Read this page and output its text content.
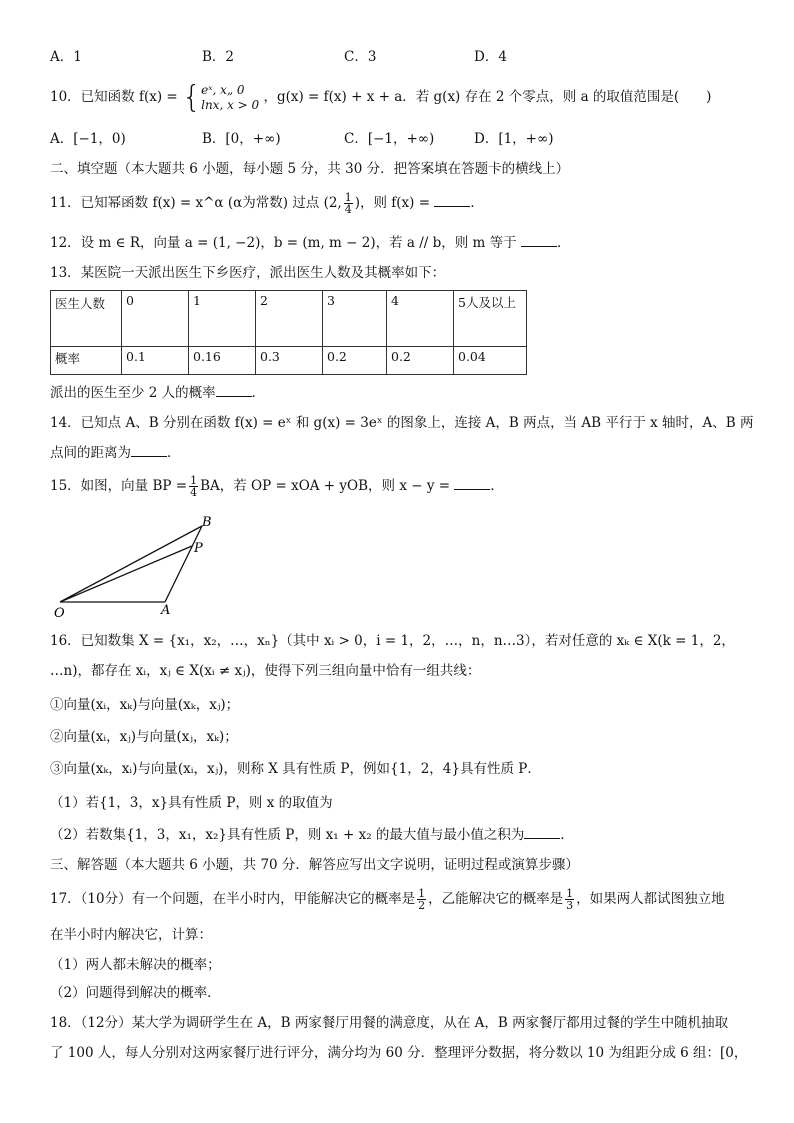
A．1	B．2	C．3	D．4
10．已知函数 f(x) = { eˣ, x„ 0
lnx, x > 0 ，g(x) = f(x) + x + a．若 g(x) 存在 2 个零点，则 a 的取值范围是(　　)
A．[−1，0)	B．[0，+∞)	C．[−1，+∞)	D．[1，+∞)
二、填空题（本大题共 6 小题，每小题 5 分，共 30 分．把答案填在答题卡的横线上）
11．已知幂函数 f(x) = x^α (α为常数) 过点 (2, $\frac{1}{4}$ )，则 f(x) =	．
12．设 m ∈ R，向量 a = (1, −2)，b = (m, m − 2)，若 a // b，则 m 等于	．
13．某医院一天派出医生下乡医疗，派出医生人数及其概率如下：
医生人数	0	1	2	3	4	5人及以上
概率	0.1	0.16	0.3	0.2	0.2	0.04
派出的医生至少 2 人的概率	．
14．已知点 A、B 分别在函数 f(x) = eˣ 和 g(x) = 3eˣ 的图象上，连接 A，B 两点，当 AB 平行于 x 轴时，A、B 两
点间的距离为	．
15．如图，向量 BP = $\frac{1}{4}$ BA，若 OP = xOA + yOB，则 x − y =	．
O	A
B
P
16．已知数集 X = {x₁，x₂，…，xₙ}（其中 xᵢ > 0，i = 1，2，…，n，n…3），若对任意的 xₖ ∈ X(k = 1，2，
…n)，都存在 xᵢ，xⱼ ∈ X(xᵢ ≠ xⱼ)，使得下列三组向量中恰有一组共线：
①向量(xᵢ，xₖ)与向量(xₖ，xⱼ)；
②向量(xᵢ，xⱼ)与向量(xⱼ，xₖ)；
③向量(xₖ，xᵢ)与向量(xᵢ，xⱼ)，则称 X 具有性质 P，例如{1，2，4}具有性质 P．
（1）若{1，3，x}具有性质 P，则 x 的取值为
（2）若数集{1，3，x₁，x₂}具有性质 P，则 x₁ + x₂ 的最大值与最小值之积为	．
三、解答题（本大题共 6 小题，共 70 分．解答应写出文字说明，证明过程或演算步骤）
17．（10分）有一个问题，在半小时内，甲能解决它的概率是 $\frac{1}{2}$ ，乙能解决它的概率是 $\frac{1}{3}$ ，如果两人都试图独立地
在半小时内解决它，计算：
（1）两人都未解决的概率；
（2）问题得到解决的概率．
18．（12分）某大学为调研学生在 A，B 两家餐厅用餐的满意度，从在 A，B 两家餐厅都用过餐的学生中随机抽取
了 100 人，每人分别对这两家餐厅进行评分，满分均为 60 分．整理评分数据，将分数以 10 为组距分成 6 组：[0，
